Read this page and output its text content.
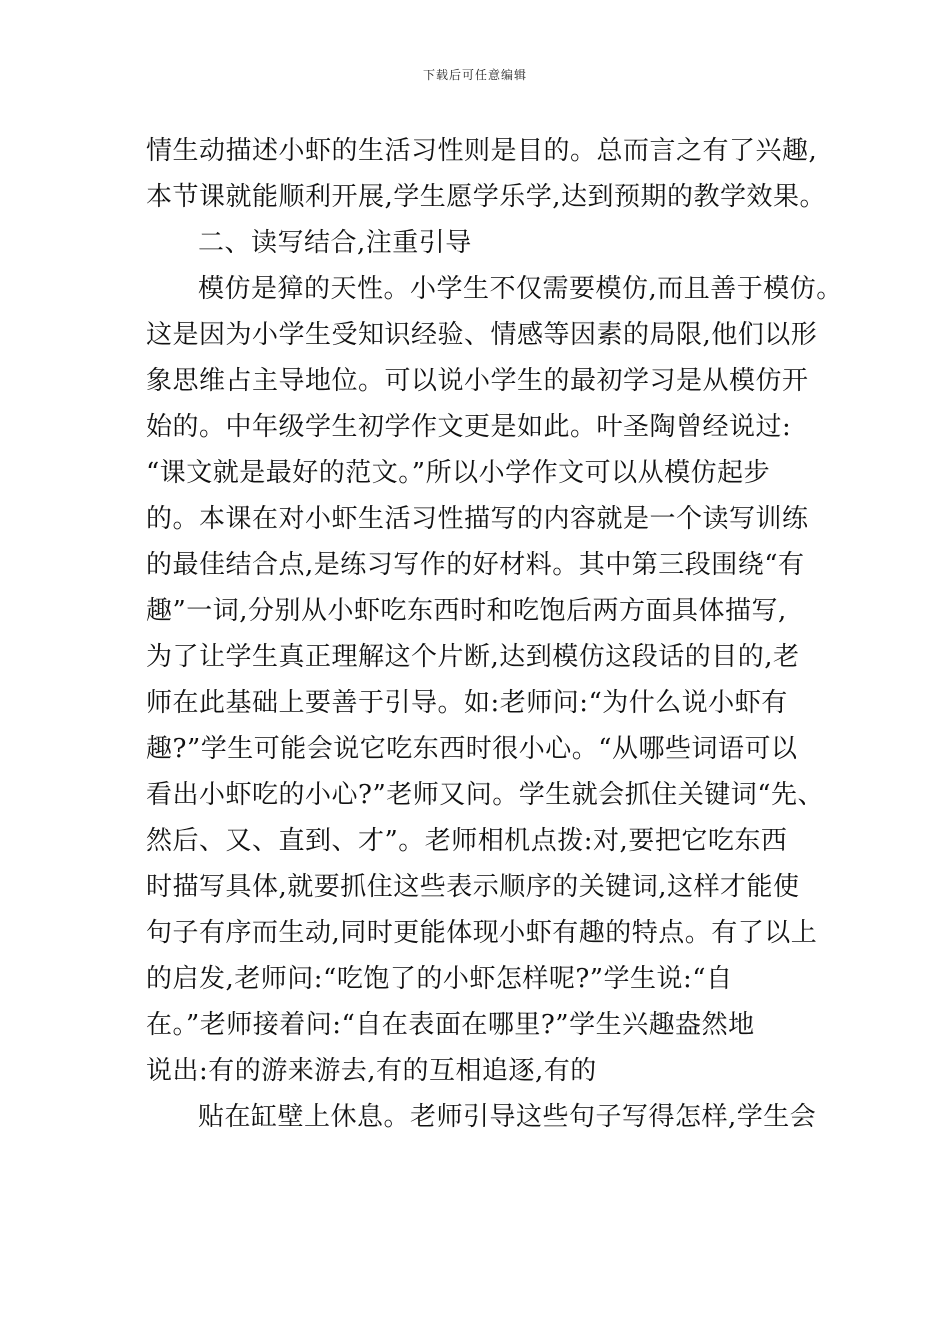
下载后可任意编辑
情生动描述小虾的生活习性则是目的。总而言之有了兴趣,
本节课就能顺利开展,学生愿学乐学,达到预期的教学效果。
二、读写结合,注重引导
模仿是獐的天性。小学生不仅需要模仿,而且善于模仿。
这是因为小学生受知识经验、情感等因素的局限,他们以形
象思维占主导地位。可以说小学生的最初学习是从模仿开
始的。中年级学生初学作文更是如此。叶圣陶曾经说过:
“课文就是最好的范文。”所以小学作文可以从模仿起步
的。本课在对小虾生活习性描写的内容就是一个读写训练
的最佳结合点,是练习写作的好材料。其中第三段围绕“有
趣”一词,分别从小虾吃东西时和吃饱后两方面具体描写,
为了让学生真正理解这个片断,达到模仿这段话的目的,老
师在此基础上要善于引导。如:老师问:“为什么说小虾有
趣?”学生可能会说它吃东西时很小心。“从哪些词语可以
看出小虾吃的小心?”老师又问。学生就会抓住关键词“先、
然后、又、直到、才”。老师相机点拨:对,要把它吃东西
时描写具体,就要抓住这些表示顺序的关键词,这样才能使
句子有序而生动,同时更能体现小虾有趣的特点。有了以上
的启发,老师问:“吃饱了的小虾怎样呢?”学生说:“自
在。”老师接着问:“自在表面在哪里?”学生兴趣盎然地
说出:有的游来游去,有的互相追逐,有的
贴在缸壁上休息。老师引导这些句子写得怎样,学生会
